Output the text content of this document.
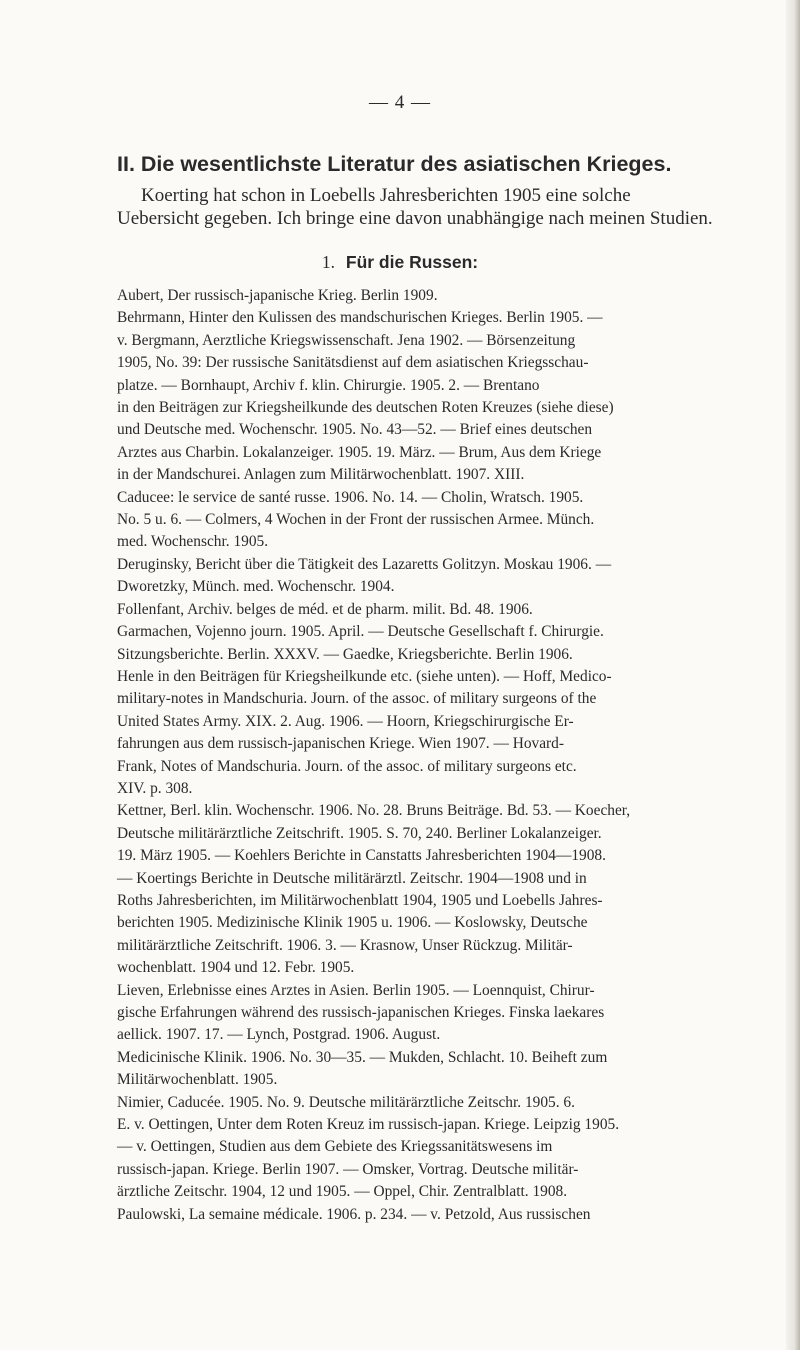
— 4 —
II. Die wesentlichste Literatur des asiatischen Krieges.
Koerting hat schon in Loebells Jahresberichten 1905 eine solche
Uebersicht gegeben. Ich bringe eine davon unabhängige nach meinen Studien.
1. Für die Russen:
Aubert, Der russisch-japanische Krieg. Berlin 1909.
Behrmann, Hinter den Kulissen des mandschurischen Krieges. Berlin 1905. —
v. Bergmann, Aerztliche Kriegswissenschaft. Jena 1902. — Börsenzeitung
1905, No. 39: Der russische Sanitätsdienst auf dem asiatischen Kriegsschau-
platze. — Bornhaupt, Archiv f. klin. Chirurgie. 1905. 2. — Brentano
in den Beiträgen zur Kriegsheilkunde des deutschen Roten Kreuzes (siehe diese)
und Deutsche med. Wochenschr. 1905. No. 43—52. — Brief eines deutschen
Arztes aus Charbin. Lokalanzeiger. 1905. 19. März. — Brum, Aus dem Kriege
in der Mandschurei. Anlagen zum Militärwochenblatt. 1907. XIII.
Caducee: le service de santé russe. 1906. No. 14. — Cholin, Wratsch. 1905.
No. 5 u. 6. — Colmers, 4 Wochen in der Front der russischen Armee. Münch.
med. Wochenschr. 1905.
Deruginsky, Bericht über die Tätigkeit des Lazaretts Golitzyn. Moskau 1906. —
Dworetzky, Münch. med. Wochenschr. 1904.
Follenfant, Archiv. belges de méd. et de pharm. milit. Bd. 48. 1906.
Garmachen, Vojenno journ. 1905. April. — Deutsche Gesellschaft f. Chirurgie.
Sitzungsberichte. Berlin. XXXV. — Gaedke, Kriegsberichte. Berlin 1906.
Henle in den Beiträgen für Kriegsheilkunde etc. (siehe unten). — Hoff, Medico-
military-notes in Mandschuria. Journ. of the assoc. of military surgeons of the
United States Army. XIX. 2. Aug. 1906. — Hoorn, Kriegschirurgische Er-
fahrungen aus dem russisch-japanischen Kriege. Wien 1907. — Hovard-
Frank, Notes of Mandschuria. Journ. of the assoc. of military surgeons etc.
XIV. p. 308.
Kettner, Berl. klin. Wochenschr. 1906. No. 28. Bruns Beiträge. Bd. 53. — Koecher,
Deutsche militärärztliche Zeitschrift. 1905. S. 70, 240. Berliner Lokalanzeiger.
19. März 1905. — Koehlers Berichte in Canstatts Jahresberichten 1904—1908.
— Koertings Berichte in Deutsche militärärztl. Zeitschr. 1904—1908 und in
Roths Jahresberichten, im Militärwochenblatt 1904, 1905 und Loebells Jahres-
berichten 1905. Medizinische Klinik 1905 u. 1906. — Koslowsky, Deutsche
militärärztliche Zeitschrift. 1906. 3. — Krasnow, Unser Rückzug. Militär-
wochenblatt. 1904 und 12. Febr. 1905.
Lieven, Erlebnisse eines Arztes in Asien. Berlin 1905. — Loennquist, Chirur-
gische Erfahrungen während des russisch-japanischen Krieges. Finska laekares
aellick. 1907. 17. — Lynch, Postgrad. 1906. August.
Medicinische Klinik. 1906. No. 30—35. — Mukden, Schlacht. 10. Beiheft zum
Militärwochenblatt. 1905.
Nimier, Caducée. 1905. No. 9. Deutsche militärärztliche Zeitschr. 1905. 6.
E. v. Oettingen, Unter dem Roten Kreuz im russisch-japan. Kriege. Leipzig 1905.
— v. Oettingen, Studien aus dem Gebiete des Kriegssanitätswesens im
russisch-japan. Kriege. Berlin 1907. — Omsker, Vortrag. Deutsche militär-
ärztliche Zeitschr. 1904, 12 und 1905. — Oppel, Chir. Zentralblatt. 1908.
Paulowski, La semaine médicale. 1906. p. 234. — v. Petzold, Aus russischen
